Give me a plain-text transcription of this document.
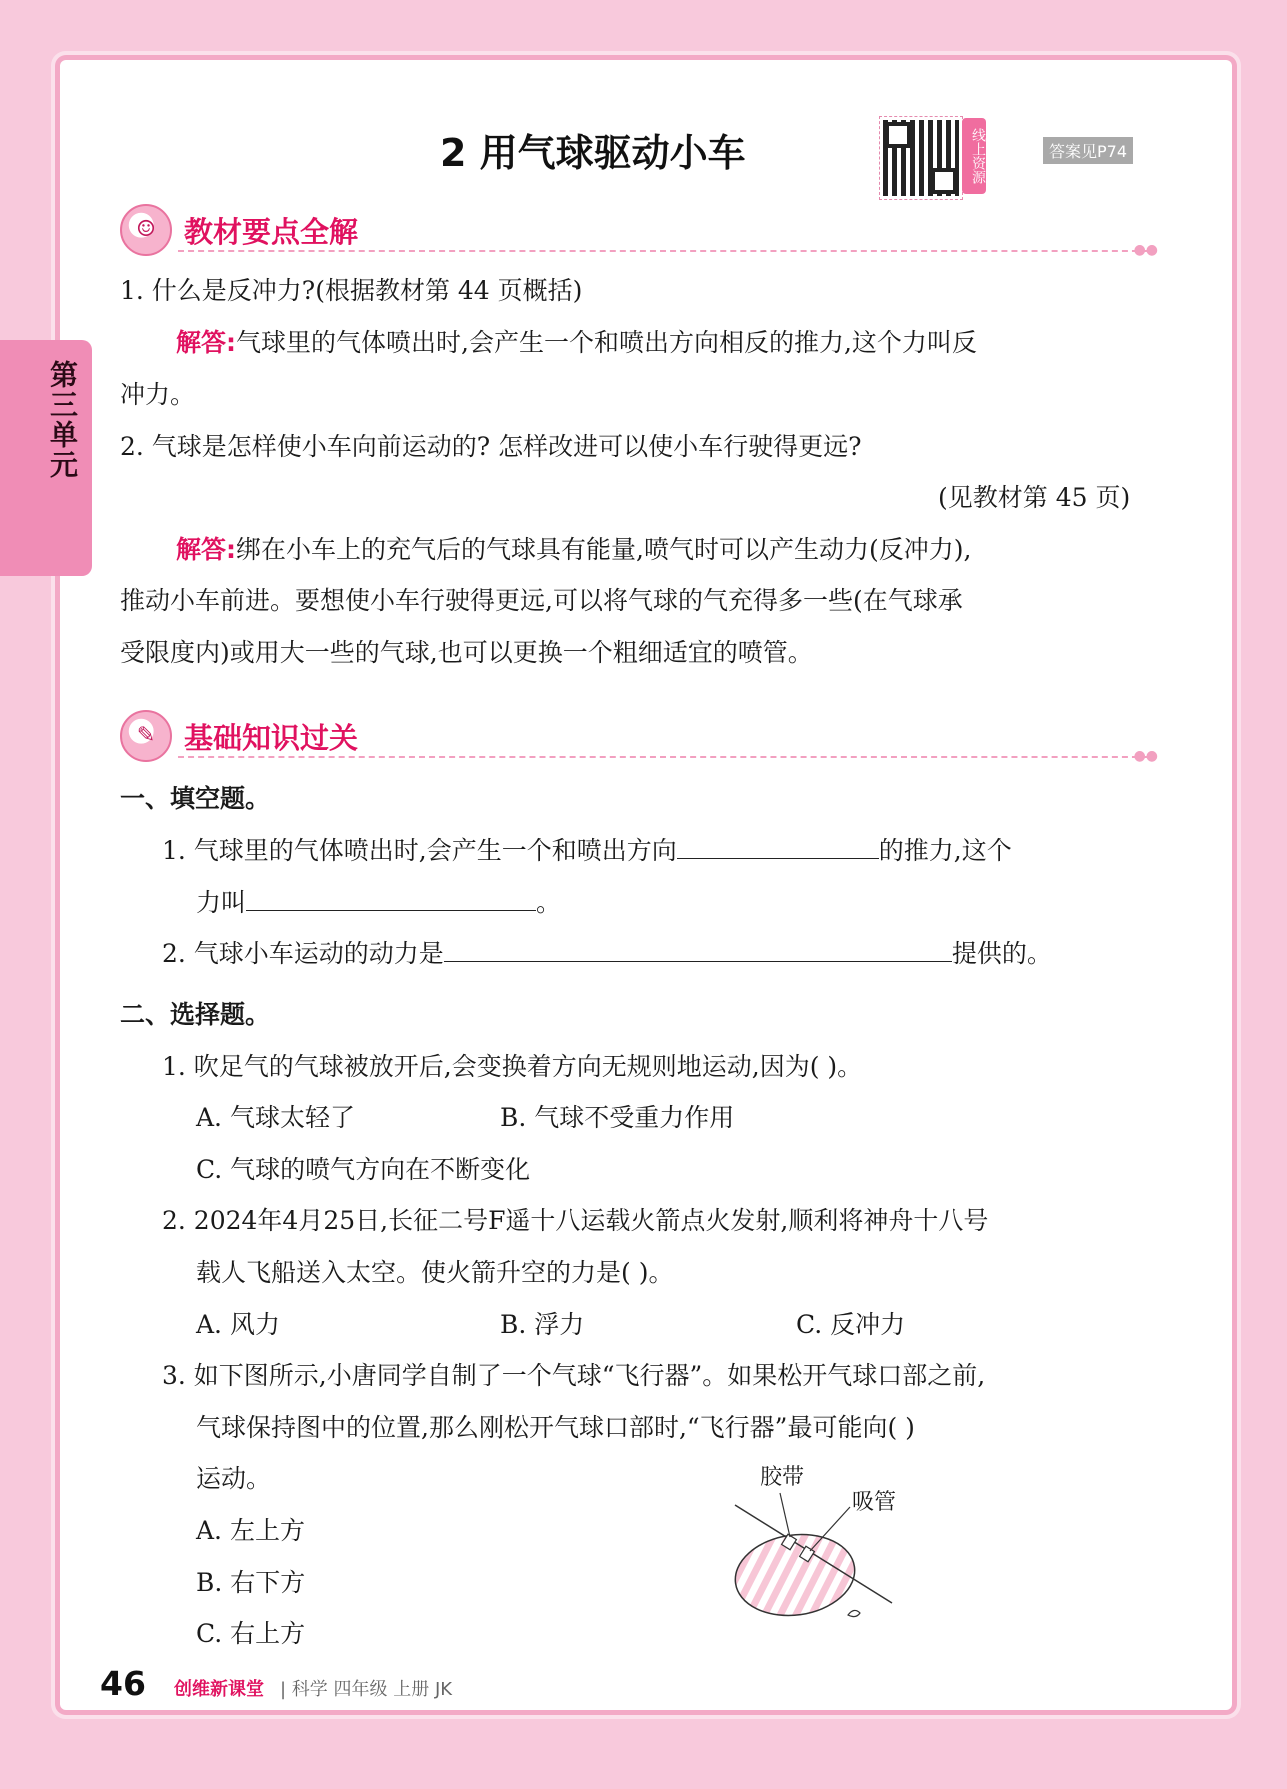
第三单元
2 用气球驱动小车	线上资源	答案见P74
☺ 教材要点全解
●●
1. 什么是反冲力?(根据教材第 44 页概括)
解答:气球里的气体喷出时,会产生一个和喷出方向相反的推力,这个力叫反
冲力。
2. 气球是怎样使小车向前运动的? 怎样改进可以使小车行驶得更远?
(见教材第 45 页)
解答:绑在小车上的充气后的气球具有能量,喷气时可以产生动力(反冲力),
推动小车前进。要想使小车行驶得更远,可以将气球的气充得多一些(在气球承
受限度内)或用大一些的气球,也可以更换一个粗细适宜的喷管。
✎ 基础知识过关
●●
一、填空题。
1. 气球里的气体喷出时,会产生一个和喷出方向	的推力,这个
力叫	。
2. 气球小车运动的动力是	提供的。
二、选择题。
1. 吹足气的气球被放开后,会变换着方向无规则地运动,因为( )。
A. 气球太轻了	B. 气球不受重力作用
C. 气球的喷气方向在不断变化
2. 2024年4月25日,长征二号F遥十八运载火箭点火发射,顺利将神舟十八号
载人飞船送入太空。使火箭升空的力是( )。
A. 风力	B. 浮力	C. 反冲力
3. 如下图所示,小唐同学自制了一个气球“飞行器”。如果松开气球口部之前,
气球保持图中的位置,那么刚松开气球口部时,“飞行器”最可能向( )
运动。
A. 左上方
B. 右下方
C. 右上方
胶带
吸管
46 创维新课堂 | 科学 四年级 上册 JK
